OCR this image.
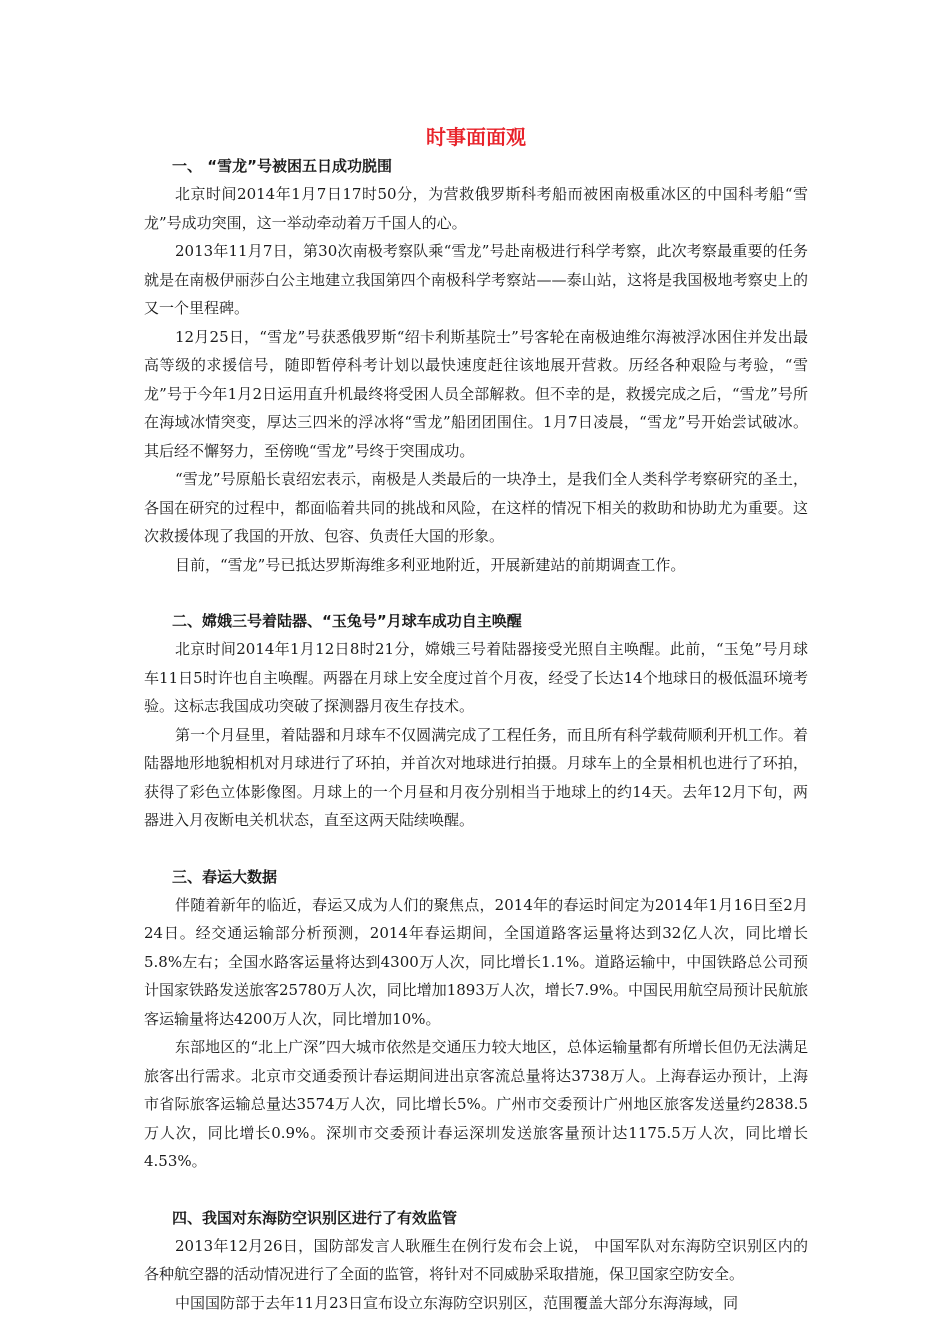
时事面面观
一、 “雪龙”号被困五日成功脱围

北京时间2014年1月7日17时50分，为营救俄罗斯科考船而被困南极重冰区的中国科考船“雪龙”号成功突围，这一举动牵动着万千国人的心。

2013年11月7日，第30次南极考察队乘“雪龙”号赴南极进行科学考察，此次考察最重要的任务就是在南极伊丽莎白公主地建立我国第四个南极科学考察站——泰山站，这将是我国极地考察史上的又一个里程碑。

12月25日，“雪龙”号获悉俄罗斯“绍卡利斯基院士”号客轮在南极迪维尔海被浮冰困住并发出最高等级的求援信号，随即暂停科考计划以最快速度赶往该地展开营救。历经各种艰险与考验，“雪龙”号于今年1月2日运用直升机最终将受困人员全部解救。但不幸的是，救援完成之后，“雪龙”号所在海域冰情突变，厚达三四米的浮冰将“雪龙”船团团围住。1月7日凌晨，“雪龙”号开始尝试破冰。其后经不懈努力，至傍晚“雪龙”号终于突围成功。

“雪龙”号原船长袁绍宏表示，南极是人类最后的一块净土，是我们全人类科学考察研究的圣土，各国在研究的过程中，都面临着共同的挑战和风险，在这样的情况下相关的救助和协助尤为重要。这次救援体现了我国的开放、包容、负责任大国的形象。

目前，“雪龙”号已抵达罗斯海维多利亚地附近，开展新建站的前期调查工作。

二、嫦娥三号着陆器、“玉兔号”月球车成功自主唤醒

北京时间2014年1月12日8时21分，嫦娥三号着陆器接受光照自主唤醒。此前，“玉兔”号月球车11日5时许也自主唤醒。两器在月球上安全度过首个月夜，经受了长达14个地球日的极低温环境考验。这标志我国成功突破了探测器月夜生存技术。

第一个月昼里，着陆器和月球车不仅圆满完成了工程任务，而且所有科学载荷顺利开机工作。着陆器地形地貌相机对月球进行了环拍，并首次对地球进行拍摄。月球车上的全景相机也进行了环拍，获得了彩色立体影像图。月球上的一个月昼和月夜分别相当于地球上的约14天。去年12月下旬，两器进入月夜断电关机状态，直至这两天陆续唤醒。

三、春运大数据

伴随着新年的临近，春运又成为人们的聚焦点，2014年的春运时间定为2014年1月16日至2月24日。经交通运输部分析预测，2014年春运期间，全国道路客运量将达到32亿人次，同比增长5.8%左右；全国水路客运量将达到4300万人次，同比增长1.1%。道路运输中，中国铁路总公司预计国家铁路发送旅客25780万人次，同比增加1893万人次，增长7.9%。中国民用航空局预计民航旅客运输量将达4200万人次，同比增加10%。

东部地区的“北上广深”四大城市依然是交通压力较大地区，总体运输量都有所增长但仍无法满足旅客出行需求。北京市交通委预计春运期间进出京客流总量将达3738万人。上海春运办预计，上海市省际旅客运输总量达3574万人次，同比增长5%。广州市交委预计广州地区旅客发送量约2838.5万人次，同比增长0.9%。深圳市交委预计春运深圳发送旅客量预计达1175.5万人次，同比增长4.53%。

四、我国对东海防空识别区进行了有效监管

2013年12月26日，国防部发言人耿雁生在例行发布会上说， 中国军队对东海防空识别区内的各种航空器的活动情况进行了全面的监管，将针对不同威胁采取措施，保卫国家空防安全。

中国国防部于去年11月23日宣布设立东海防空识别区，范围覆盖大部分东海海域，同
